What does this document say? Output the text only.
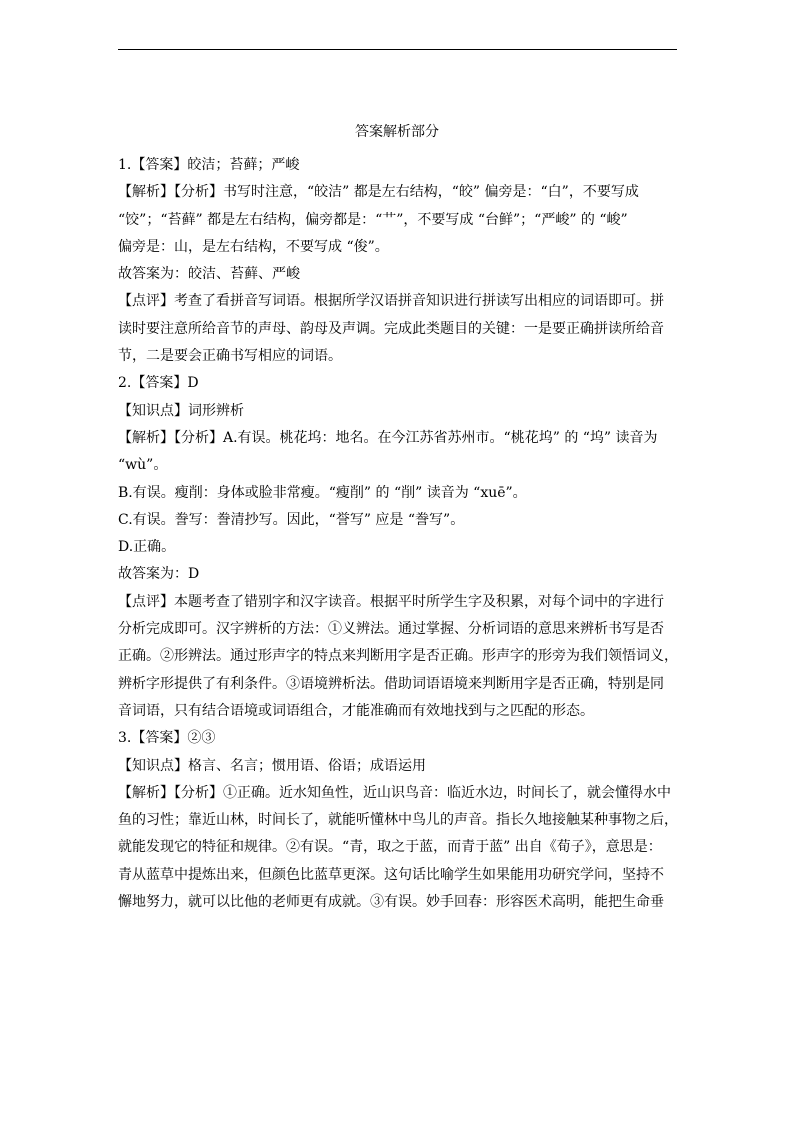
答案解析部分

1.【答案】皎洁；苔藓；严峻

【解析】【分析】书写时注意，“皎洁” 都是左右结构，“皎” 偏旁是：“白”，不要写成

“饺”；“苔藓” 都是左右结构，偏旁都是：“艹”，不要写成 “台鲜”；“严峻” 的 “峻”

偏旁是：山，是左右结构，不要写成 “俊”。

故答案为：皎洁、苔藓、严峻

【点评】考查了看拼音写词语。根据所学汉语拼音知识进行拼读写出相应的词语即可。拼

读时要注意所给音节的声母、韵母及声调。完成此类题目的关键：一是要正确拼读所给音

节，二是要会正确书写相应的词语。

2.【答案】D

【知识点】词形辨析

【解析】【分析】A.有误。桃花坞：地名。在今江苏省苏州市。“桃花坞” 的 “坞” 读音为

“wù”。

B.有误。瘦削：身体或脸非常瘦。“瘦削” 的 “削” 读音为 “xuē”。

C.有误。誊写：誊清抄写。因此，“誉写” 应是 “誊写”。

D.正确。

故答案为：D

【点评】本题考查了错别字和汉字读音。根据平时所学生字及积累，对每个词中的字进行

分析完成即可。汉字辨析的方法：①义辨法。通过掌握、分析词语的意思来辨析书写是否

正确。②形辨法。通过形声字的特点来判断用字是否正确。形声字的形旁为我们领悟词义，

辨析字形提供了有利条件。③语境辨析法。借助词语语境来判断用字是否正确，特别是同

音词语，只有结合语境或词语组合，才能准确而有效地找到与之匹配的形态。

3.【答案】②③

【知识点】格言、名言；惯用语、俗语；成语运用

【解析】【分析】①正确。近水知鱼性，近山识鸟音：临近水边，时间长了，就会懂得水中

鱼的习性；靠近山林，时间长了，就能听懂林中鸟儿的声音。指长久地接触某种事物之后，

就能发现它的特征和规律。②有误。“青，取之于蓝，而青于蓝” 出自《荀子》，意思是：

青从蓝草中提炼出来，但颜色比蓝草更深。这句话比喻学生如果能用功研究学问，坚持不

懈地努力，就可以比他的老师更有成就。③有误。妙手回春：形容医术高明，能把生命垂
